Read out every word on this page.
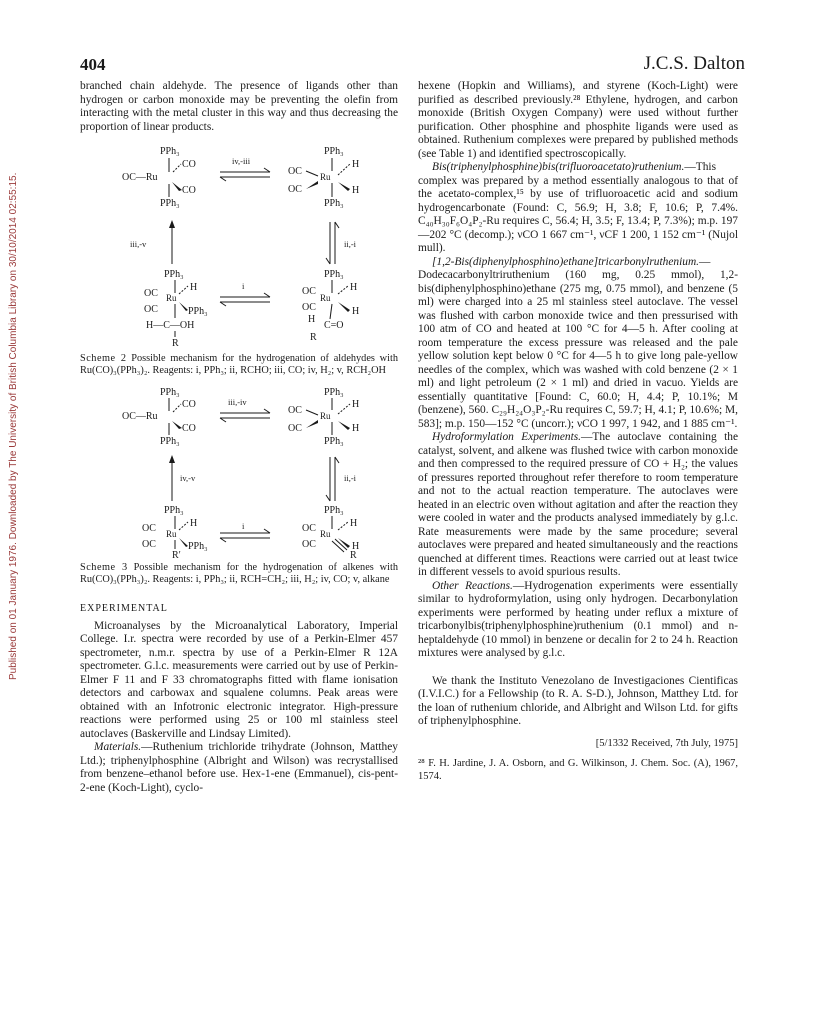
Published on 01 January 1976. Downloaded by The University of British Columbia Library on 30/10/2014 02:55:15.
404	J.C.S. Dalton

branched chain aldehyde. The presence of ligands other than hydrogen or carbon monoxide may be preventing the olefin from interacting with the metal cluster in this way and thus decreasing the proportion of linear products.

PPh₃
CO
OC—Ru
CO
PPh₃
iv,-iii
PPh₃
OC
H
Ru
OC	H
PPh₃
iii,-v	ii,-i
PPh₃
OC
H
Ru
OC	PPh₃
H—C—OH
R
i
PPh₃
OC	H
Ru
OC	H
H
C=O
R

Scheme 2 Possible mechanism for the hydrogenation of aldehydes with Ru(CO)₃(PPh₃)₂. Reagents: i, PPh₃; ii, RCHO; iii, CO; iv, H₂; v, RCH₂OH

PPh₃
CO
OC—Ru
CO
PPh₃
iii,-iv
PPh₃
OC
H
Ru
OC	H
PPh₃
iv,-v	ii,-i
PPh₃
OC	H
Ru
OC	PPh₃
R′
i
PPh₃
OC	H
Ru
OC	H
R

Scheme 3 Possible mechanism for the hydrogenation of alkenes with Ru(CO)₃(PPh₃)₂. Reagents: i, PPh₃; ii, RCH=CH₂; iii, H₂; iv, CO; v, alkane

EXPERIMENTAL

Microanalyses by the Microanalytical Laboratory, Imperial College. I.r. spectra were recorded by use of a Perkin-Elmer 457 spectrometer, n.m.r. spectra by use of a Perkin-Elmer R 12A spectrometer. G.l.c. measurements were carried out by use of Perkin-Elmer F 11 and F 33 chromatographs fitted with flame ionisation detectors and carbowax and squalene columns. Peak areas were obtained with an Infotronic electronic integrator. High-pressure reactions were performed using 25 or 100 ml stainless steel autoclaves (Baskerville and Lindsay Limited).

Materials.—Ruthenium trichloride trihydrate (Johnson, Matthey Ltd.); triphenylphosphine (Albright and Wilson) was recrystallised from benzene–ethanol before use. Hex-1-ene (Emmanuel), cis-pent-2-ene (Koch-Light), cyclo-

hexene (Hopkin and Williams), and styrene (Koch-Light) were purified as described previously.²⁸ Ethylene, hydrogen, and carbon monoxide (British Oxygen Company) were used without further purification. Other phosphine and phosphite ligands were used as obtained. Ruthenium complexes were prepared by published methods (see Table 1) and identified spectroscopically.

Bis(triphenylphosphine)bis(trifluoroacetato)ruthenium.—This complex was prepared by a method essentially analogous to that of the acetato-complex,¹⁵ by use of trifluoroacetic acid and sodium hydrogencarbonate (Found: C, 56.9; H, 3.8; F, 10.6; P, 7.4%. C₄₀H₃₀F₆O₄P₂-Ru requires C, 56.4; H, 3.5; F, 13.4; P, 7.3%); m.p. 197—202 °C (decomp.); νCO 1 667 cm⁻¹, νCF 1 200, 1 152 cm⁻¹ (Nujol mull).

[1,2-Bis(diphenylphosphino)ethane]tricarbonylruthenium.—Dodecacarbonyltriruthenium (160 mg, 0.25 mmol), 1,2-bis(diphenylphosphino)ethane (275 mg, 0.75 mmol), and benzene (5 ml) were charged into a 25 ml stainless steel autoclave. The vessel was flushed with carbon monoxide twice and then pressurised with 100 atm of CO and heated at 100 °C for 4—5 h. After cooling at room temperature the excess pressure was released and the pale yellow solution kept below 0 °C for 4—5 h to give long pale-yellow needles of the complex, which was washed with cold benzene (2 × 1 ml) and light petroleum (2 × 1 ml) and dried in vacuo. Yields are essentially quantitative [Found: C, 60.0; H, 4.4; P, 10.1%; M (benzene), 560. C₂₉H₂₄O₃P₂-Ru requires C, 59.7; H, 4.1; P, 10.6%; M, 583]; m.p. 150—152 °C (uncorr.); νCO 1 997, 1 942, and 1 885 cm⁻¹.

Hydroformylation Experiments.—The autoclave containing the catalyst, solvent, and alkene was flushed twice with carbon monoxide and then compressed to the required pressure of CO + H₂; the values of pressures reported throughout refer therefore to room temperature and not to the actual reaction temperature. The autoclaves were heated in an electric oven without agitation and after the reaction they were cooled in water and the products analysed immediately by g.l.c. Rate measurements were made by the same procedure; several autoclaves were prepared and heated simultaneously and the reactions quenched at different times. Reactions were carried out at least twice in different vessels to avoid spurious results.

Other Reactions.—Hydrogenation experiments were essentially similar to hydroformylation, using only hydrogen. Decarbonylation experiments were performed by heating under reflux a mixture of tricarbonylbis(triphenylphosphine)ruthenium (0.1 mmol) and n-heptaldehyde (10 mmol) in benzene or decalin for 2 to 24 h. Reaction mixtures were analysed by g.l.c.

We thank the Instituto Venezolano de Investigaciones Cientificas (I.V.I.C.) for a Fellowship (to R. A. S-D.), Johnson, Matthey Ltd. for the loan of ruthenium chloride, and Albright and Wilson Ltd. for gifts of triphenylphosphine.

[5/1332 Received, 7th July, 1975]

²⁸ F. H. Jardine, J. A. Osborn, and G. Wilkinson, J. Chem. Soc. (A), 1967, 1574.
